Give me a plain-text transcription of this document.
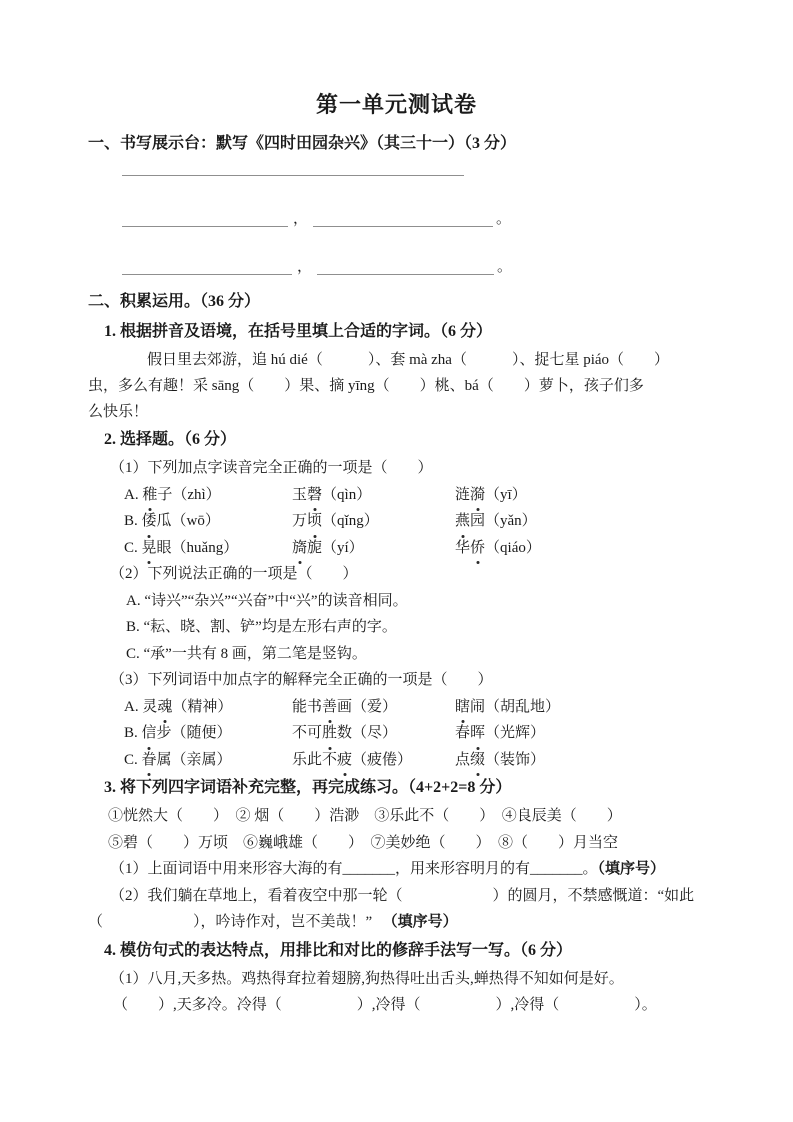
第一单元测试卷
一、书写展示台：默写《四时田园杂兴》（其三十一）（3 分）
，	。
，	。
二、积累运用。（36 分）
1. 根据拼音及语境，在括号里填上合适的字词。（6 分）
假日里去郊游，追 hú dié（　　　）、套 mà zha（　　　）、捉七星 piáo（　　）
虫，多么有趣！采 sāng（　　）果、摘 yīng（　　）桃、bá（　　）萝卜，孩子们多
么快乐！
2. 选择题。（6 分）
（1）下列加点字读音完全正确的一项是（　　）
A. 稚子（zhì）	玉磬（qìn）	涟漪（yī）
B. 倭瓜（wō）	万顷（qǐng）	燕园（yǎn）
C. 晃眼（huǎng）	旖旎（yí）	华侨（qiáo）
（2）下列说法正确的一项是（　　）
A. “诗兴”“杂兴”“兴奋”中“兴”的读音相同。
B. “耘、晓、割、铲”均是左形右声的字。
C. “承”一共有 8 画，第二笔是竖钩。
（3）下列词语中加点字的解释完全正确的一项是（　　）
A. 灵魂（精神）	能书善画（爱）	瞎闹（胡乱地）
B. 信步（随便）	不可胜数（尽）	春晖（光辉）
C. 眷属（亲属）	乐此不疲（疲倦）	点缀（装饰）
3. 将下列四字词语补充完整，再完成练习。（4+2+2=8 分）
①恍然大（　　）　② 烟（　　）浩渺　③乐此不（　　）　④良辰美（　　）
⑤碧（　　）万顷　⑥巍峨雄（　　）　⑦美妙绝（　　）　⑧（　　）月当空
（1）上面词语中用来形容大海的有_______，用来形容明月的有_______。（填序号）
（2）我们躺在草地上，看着夜空中那一轮（　　　　　　）的圆月，不禁感慨道：“如此
（　　　　　　），吟诗作对，岂不美哉！” （填序号）
4. 模仿句式的表达特点，用排比和对比的修辞手法写一写。（6 分）
（1）八月,天多热。鸡热得耷拉着翅膀,狗热得吐出舌头,蝉热得不知如何是好。
（　　）,天多冷。冷得（　　　　　）,冷得（　　　　　）,冷得（　　　　　）。
